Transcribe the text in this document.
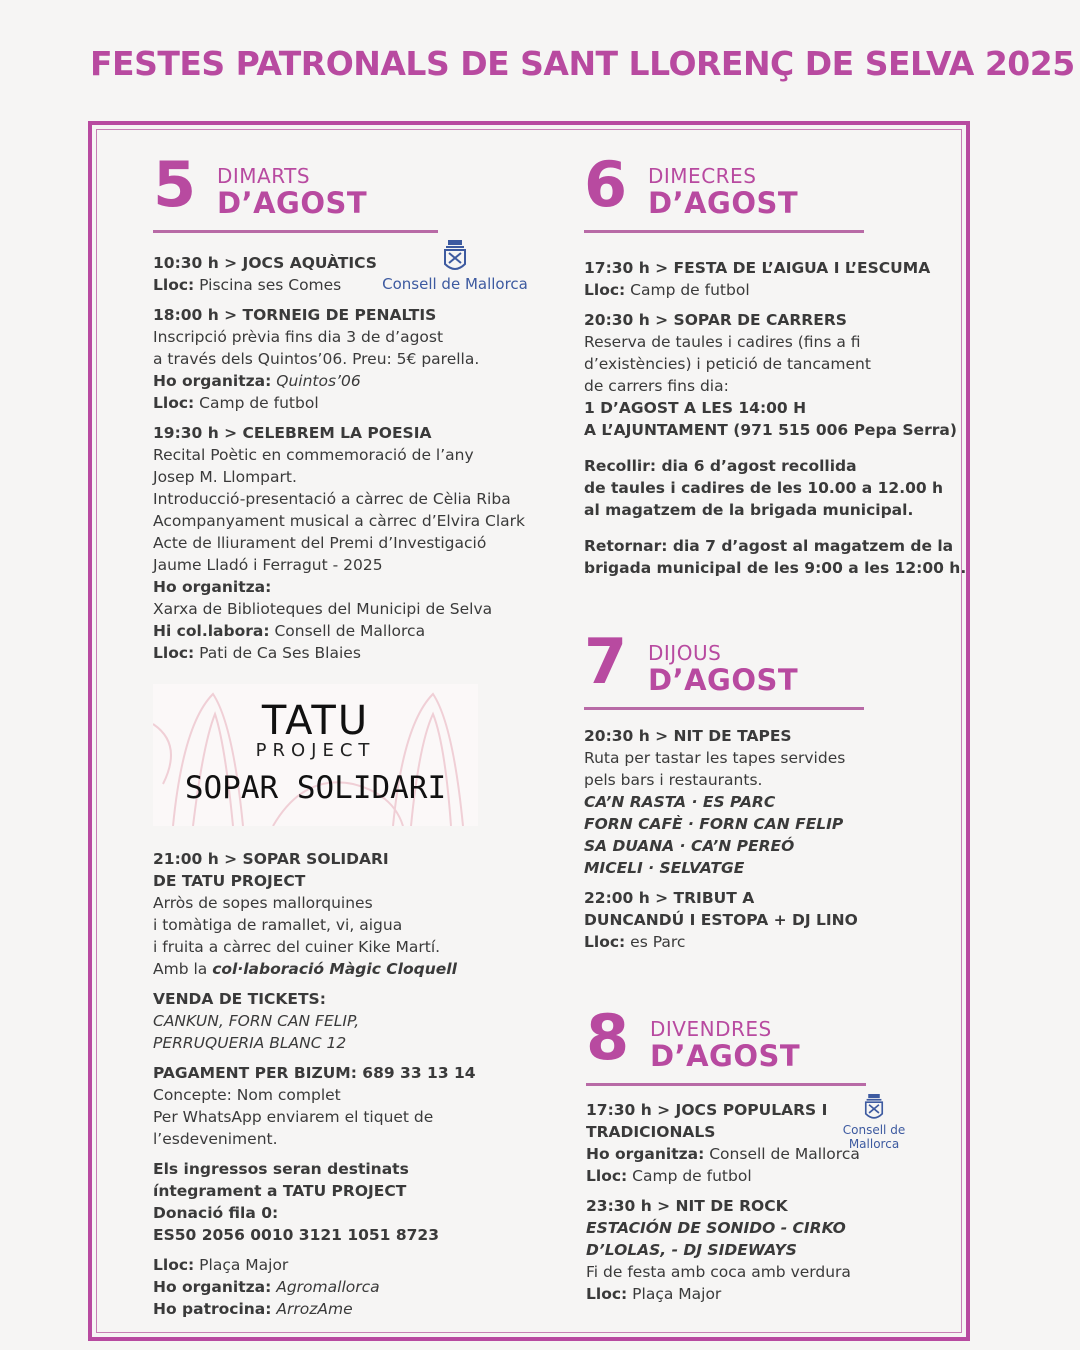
FESTES PATRONALS DE SANT LLORENÇ DE SELVA 2025
5 DIMARTS
D’AGOST
10:30 h > JOCS AQUÀTICS
Lloc: Piscina ses Comes
18:00 h > TORNEIG DE PENALTIS
Inscripció prèvia fins dia 3 de d’agost
a través dels Quintos’06. Preu: 5€ parella.
Ho organitza: Quintos’06
Lloc: Camp de futbol
19:30 h > CELEBREM LA POESIA
Recital Poètic en commemoració de l’any
Josep M. Llompart.
Introducció-presentació a càrrec de Cèlia Riba
Acompanyament musical a càrrec d’Elvira Clark
Acte de lliurament del Premi d’Investigació
Jaume Lladó i Ferragut - 2025
Ho organitza:
Xarxa de Biblioteques del Municipi de Selva
Hi col.labora: Consell de Mallorca
Lloc: Pati de Ca Ses Blaies
Consell de Mallorca
TATU
PROJECT
SOPAR SOLIDARI
21:00 h > SOPAR SOLIDARI
DE TATU PROJECT
Arròs de sopes mallorquines
i tomàtiga de ramallet, vi, aigua
i fruita a càrrec del cuiner Kike Martí.
Amb la col·laboració Màgic Cloquell
VENDA DE TICKETS:
CANKUN, FORN CAN FELIP,
PERRUQUERIA BLANC 12
PAGAMENT PER BIZUM: 689 33 13 14
Concepte: Nom complet
Per WhatsApp enviarem el tiquet de
l’esdeveniment.
Els ingressos seran destinats
íntegrament a TATU PROJECT
Donació fila 0:
ES50 2056 0010 3121 1051 8723
Lloc: Plaça Major
Ho organitza: Agromallorca
Ho patrocina: ArrozAme
6 DIMECRES
D’AGOST
17:30 h > FESTA DE L’AIGUA I L’ESCUMA
Lloc: Camp de futbol
20:30 h > SOPAR DE CARRERS
Reserva de taules i cadires (fins a fi
d’existències) i petició de tancament
de carrers fins dia:
1 D’AGOST A LES 14:00 H
A L’AJUNTAMENT (971 515 006 Pepa Serra)
Recollir: dia 6 d’agost recollida
de taules i cadires de les 10.00 a 12.00 h
al magatzem de la brigada municipal.
Retornar: dia 7 d’agost al magatzem de la
brigada municipal de les 9:00 a les 12:00 h.
7 DIJOUS
D’AGOST
20:30 h > NIT DE TAPES
Ruta per tastar les tapes servides
pels bars i restaurants.
CA’N RASTA · ES PARC
FORN CAFÈ · FORN CAN FELIP
SA DUANA · CA’N PEREÓ
MICELI · SELVATGE
22:00 h > TRIBUT A
DUNCANDÚ I ESTOPA + DJ LINO
Lloc: es Parc
8 DIVENDRES
D’AGOST
17:30 h > JOCS POPULARS I
TRADICIONALS
Ho organitza: Consell de Mallorca
Lloc: Camp de futbol
23:30 h > NIT DE ROCK
ESTACIÓN DE SONIDO - CIRKO
D’LOLAS, - DJ SIDEWAYS
Fi de festa amb coca amb verdura
Lloc: Plaça Major
Consell de Mallorca
